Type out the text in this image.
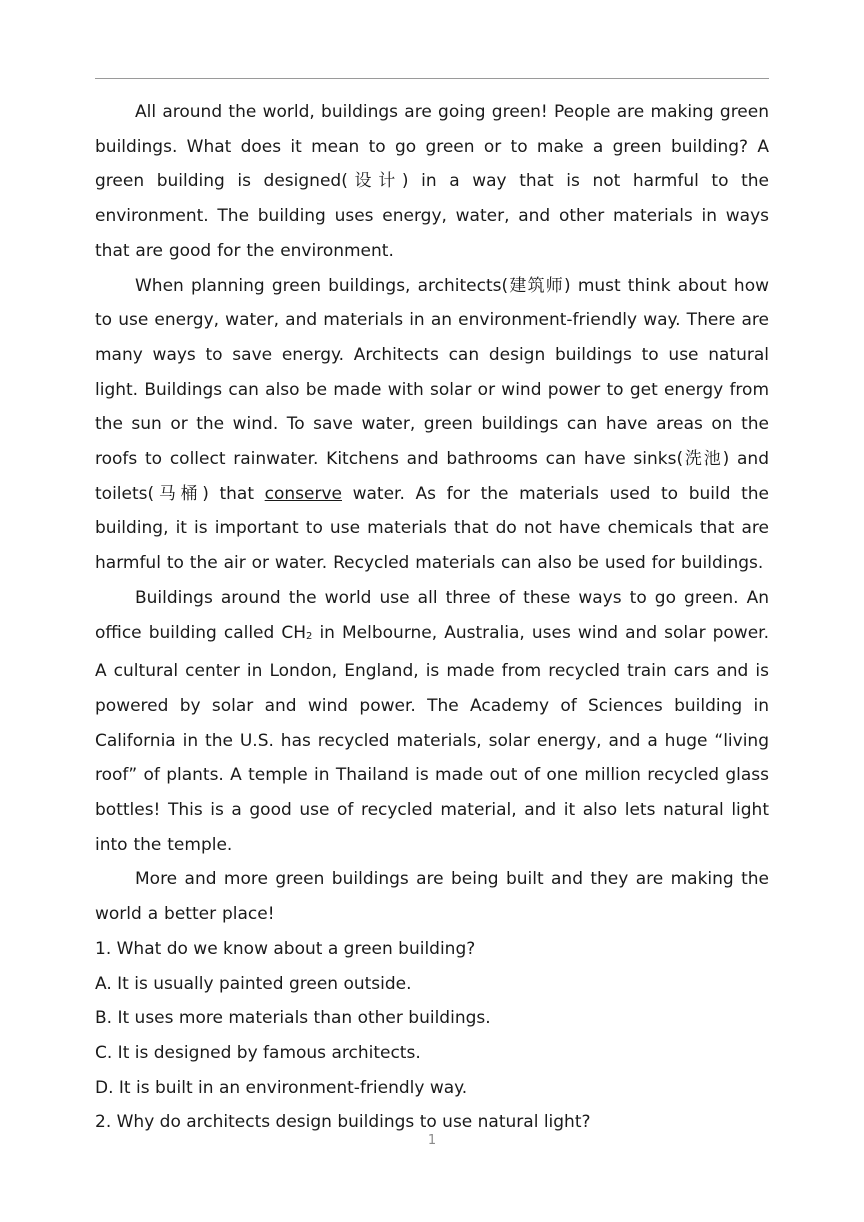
All around the world, buildings are going green! People are making green buildings. What does it mean to go green or to make a green building? A green building is designed(设计) in a way that is not harmful to the environment. The building uses energy, water, and other materials in ways that are good for the environment.

When planning green buildings, architects(建筑师) must think about how to use energy, water, and materials in an environment-friendly way. There are many ways to save energy. Architects can design buildings to use natural light. Buildings can also be made with solar or wind power to get energy from the sun or the wind. To save water, green buildings can have areas on the roofs to collect rainwater. Kitchens and bathrooms can have sinks(洗池) and toilets(马桶) that conserve water. As for the materials used to build the building, it is important to use materials that do not have chemicals that are harmful to the air or water. Recycled materials can also be used for buildings.

Buildings around the world use all three of these ways to go green. An office building called $CH_2$ in Melbourne, Australia, uses wind and solar power. A cultural center in London, England, is made from recycled train cars and is powered by solar and wind power. The Academy of Sciences building in California in the U.S. has recycled materials, solar energy, and a huge “living roof” of plants. A temple in Thailand is made out of one million recycled glass bottles! This is a good use of recycled material, and it also lets natural light into the temple.

More and more green buildings are being built and they are making the world a better place!

1. What do we know about a green building?

A. It is usually painted green outside.

B. It uses more materials than other buildings.

C. It is designed by famous architects.

D. It is built in an environment-friendly way.

2. Why do architects design buildings to use natural light?

1
